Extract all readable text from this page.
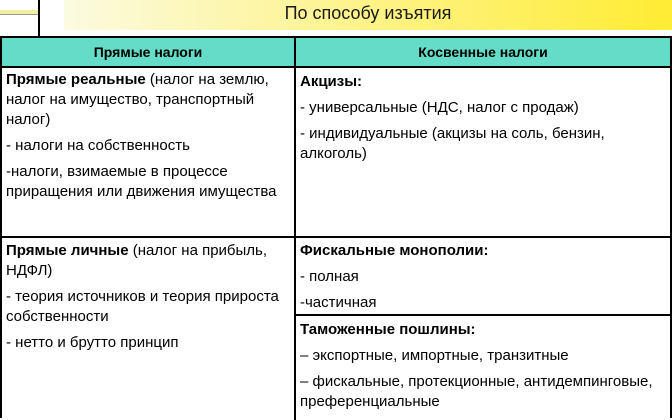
По способу изъятия
Прямые налоги	Косвенные налоги

Прямые реальные (налог на землю, налог на имущество, транспортный налог)

- налоги на собственность

-налоги, взимаемые в процессе приращения или движения имущества

Прямые личные (налог на прибыль, НДФЛ)

- теория источников и теория прироста собственности

- нетто и брутто принцип

Акцизы:

- универсальные (НДС, налог с продаж)

- индивидуальные (акцизы на соль, бензин, алкоголь)

Фискальные монополии:

- полная

-частичная

Таможенные пошлины:

– экспортные, импортные, транзитные

– фискальные, протекционные, антидемпинговые, преференциальные
